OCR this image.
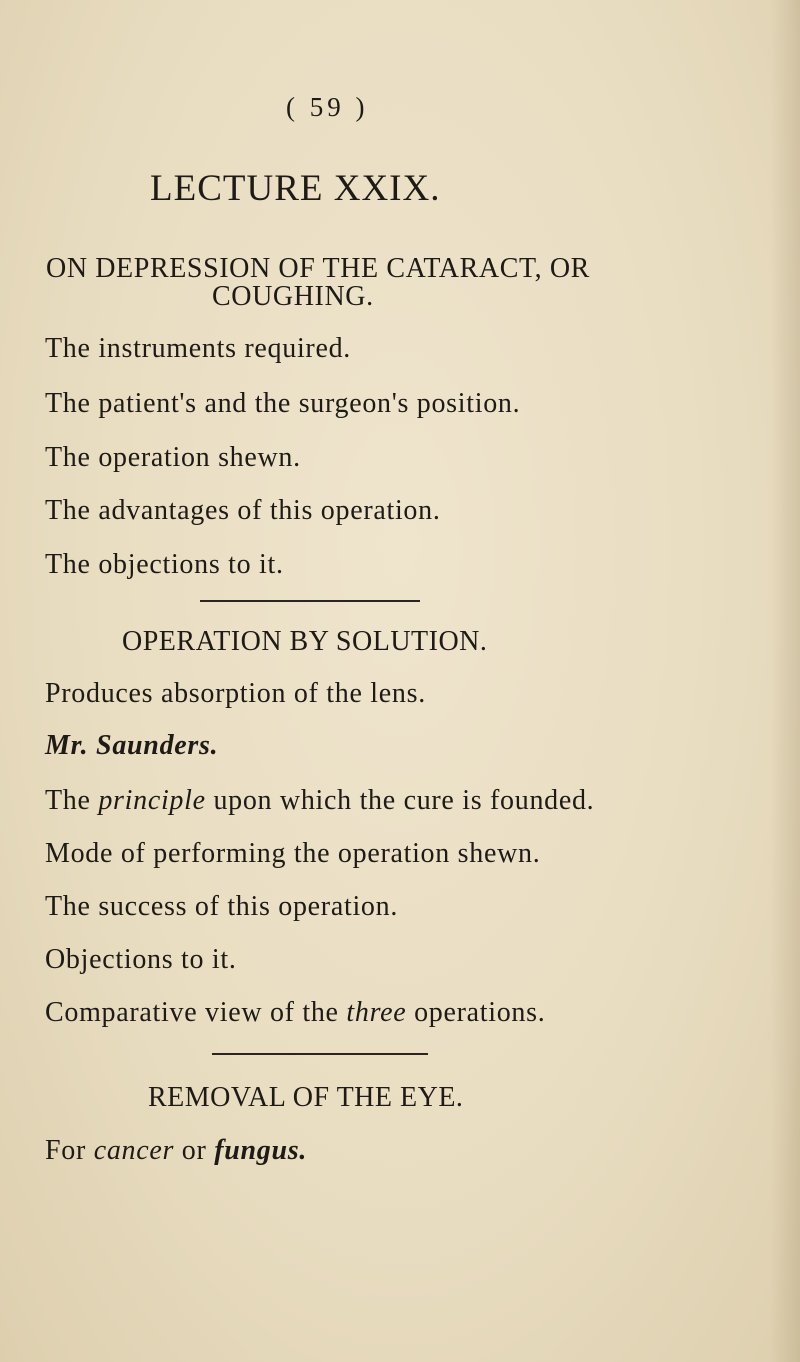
( 59 )
LECTURE XXIX.
ON DEPRESSION OF THE CATARACT, OR
COUGHING.
The instruments required.
The patient's and the surgeon's position.
The operation shewn.
The advantages of this operation.
The objections to it.
OPERATION BY SOLUTION.
Produces absorption of the lens.
Mr. Saunders.
The principle upon which the cure is founded.
Mode of performing the operation shewn.
The success of this operation.
Objections to it.
Comparative view of the three operations.
REMOVAL OF THE EYE.
For cancer or fungus.
